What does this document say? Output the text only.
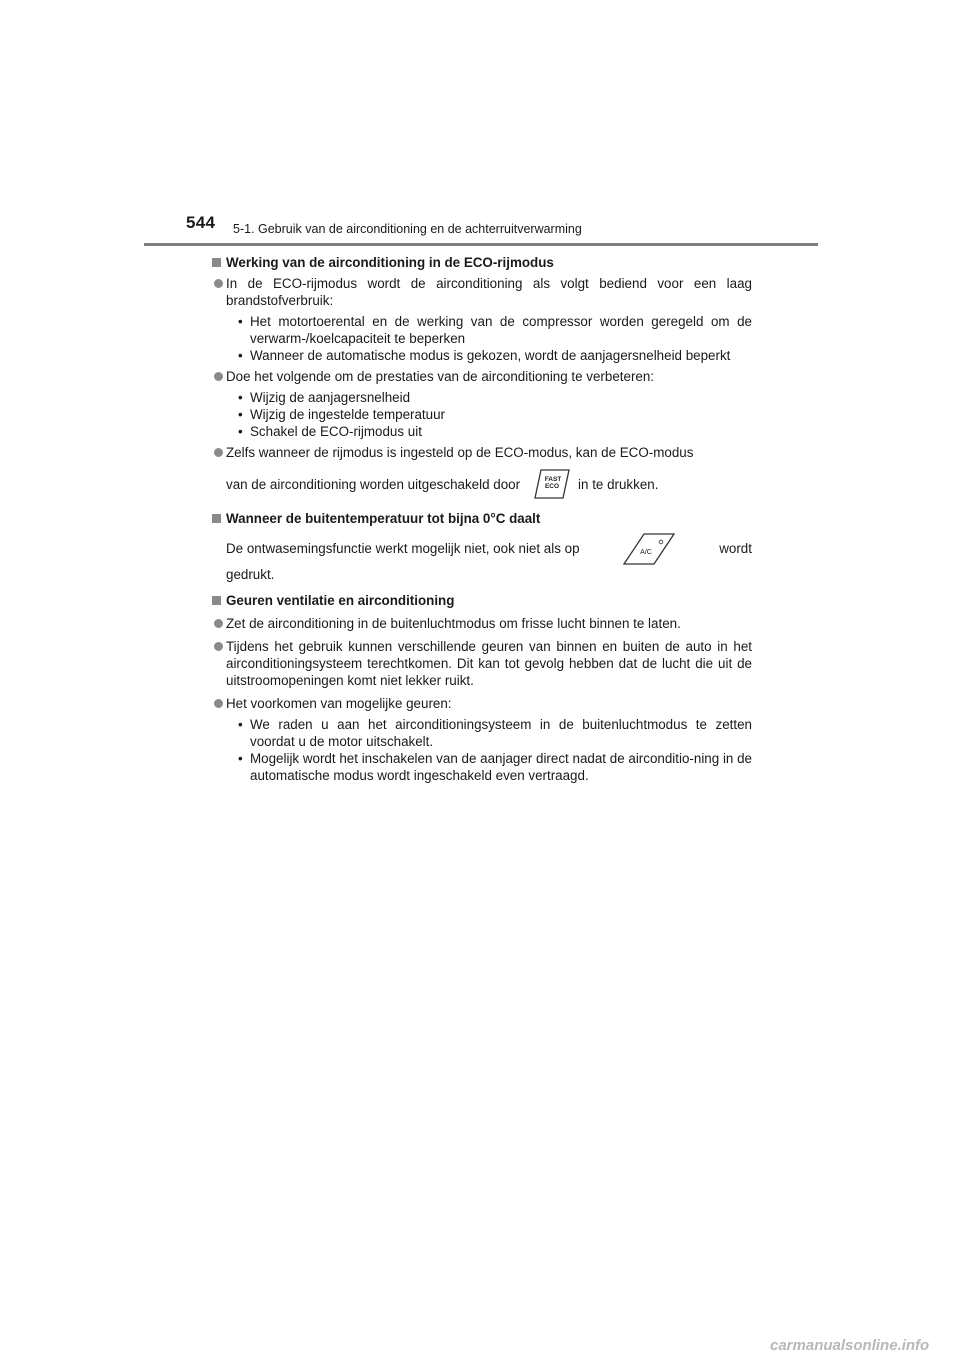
544 5-1. Gebruik van de airconditioning en de achterruitverwarming
Werking van de airconditioning in de ECO-rijmodus
In de ECO-rijmodus wordt de airconditioning als volgt bediend voor een laag brandstofverbruik:
• Het motortoerental en de werking van de compressor worden geregeld om de verwarm-/koelcapaciteit te beperken
• Wanneer de automatische modus is gekozen, wordt de aanjagersnelheid beperkt
Doe het volgende om de prestaties van de airconditioning te verbeteren:
• Wijzig de aanjagersnelheid
• Wijzig de ingestelde temperatuur
• Schakel de ECO-rijmodus uit
Zelfs wanneer de rijmodus is ingesteld op de ECO-modus, kan de ECO-modus
van de airconditioning worden uitgeschakeld door	FAST
ECO in te drukken.
Wanneer de buitentemperatuur tot bijna 0°C daalt
De ontwasemingsfunctie werkt mogelijk niet, ook niet als op	A/C	wordt
gedrukt.
Geuren ventilatie en airconditioning
Zet de airconditioning in de buitenluchtmodus om frisse lucht binnen te laten.
Tijdens het gebruik kunnen verschillende geuren van binnen en buiten de auto in het airconditioningsysteem terechtkomen. Dit kan tot gevolg hebben dat de lucht die uit de uitstroomopeningen komt niet lekker ruikt.
Het voorkomen van mogelijke geuren:
• We raden u aan het airconditioningsysteem in de buitenluchtmodus te zetten voordat u de motor uitschakelt.
• Mogelijk wordt het inschakelen van de aanjager direct nadat de airconditio-ning in de automatische modus wordt ingeschakeld even vertraagd.
carmanualsonline.info
